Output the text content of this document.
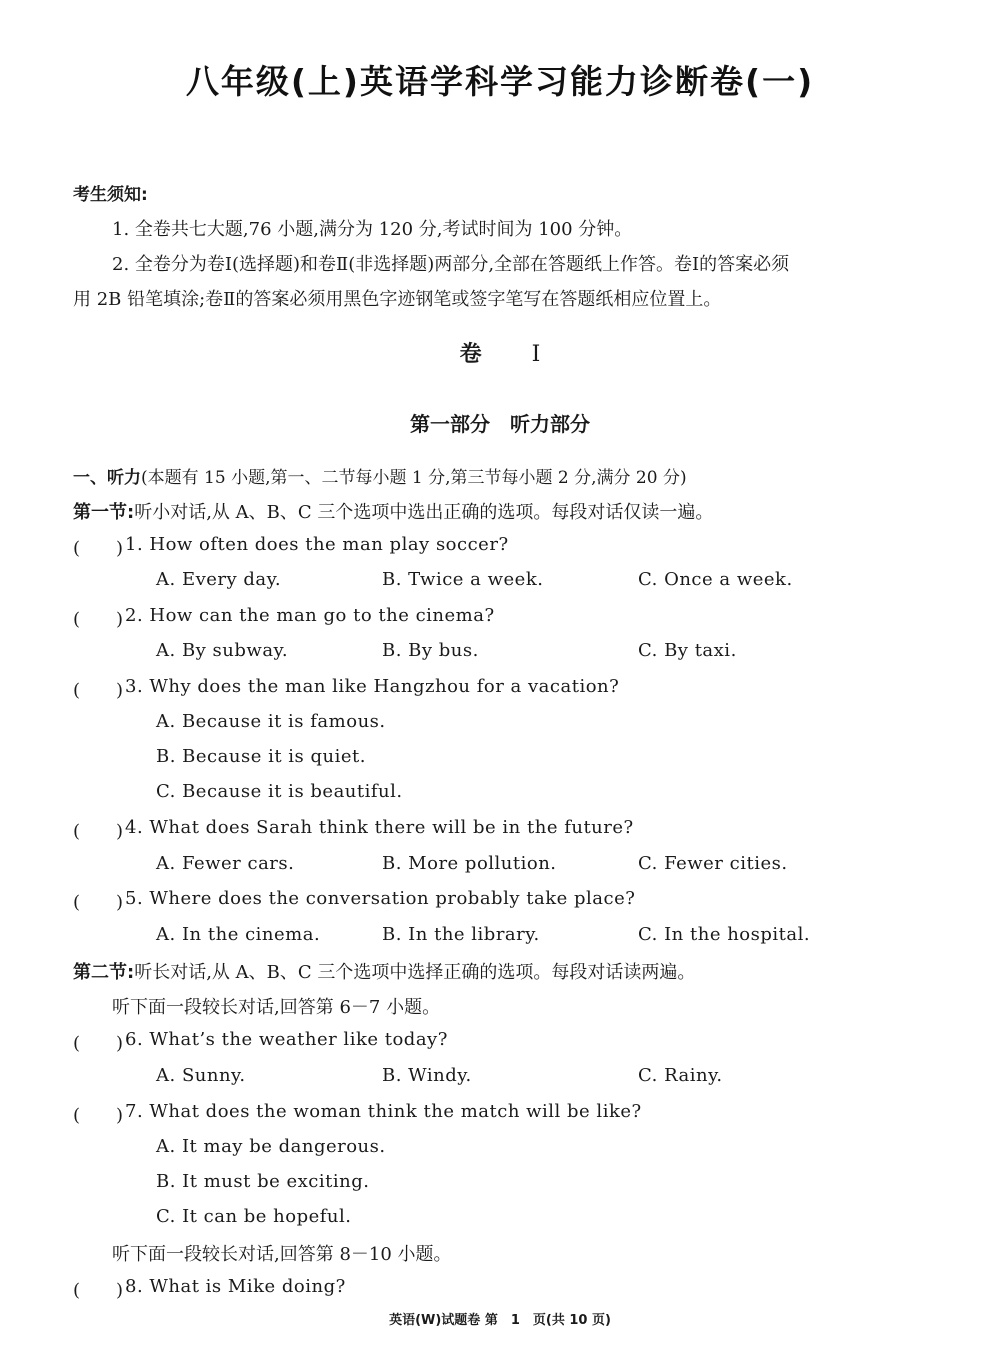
八年级(上)英语学科学习能力诊断卷(一)
考生须知:
1. 全卷共七大题,76 小题,满分为 120 分,考试时间为 100 分钟。
2. 全卷分为卷Ⅰ(选择题)和卷Ⅱ(非选择题)两部分,全部在答题纸上作答。卷Ⅰ的答案必须
用 2B 铅笔填涂;卷Ⅱ的答案必须用黑色字迹钢笔或签字笔写在答题纸相应位置上。
卷 Ⅰ
第一部分　听力部分
一、听力(本题有 15 小题,第一、二节每小题 1 分,第三节每小题 2 分,满分 20 分)
第一节:听小对话,从 A、B、C 三个选项中选出正确的选项。每段对话仅读一遍。
(　　) 1. How often does the man play soccer?
A. Every day.	B. Twice a week.	C. Once a week.
(　　) 2. How can the man go to the cinema?
A. By subway.	B. By bus.	C. By taxi.
(　　) 3. Why does the man like Hangzhou for a vacation?
A. Because it is famous.
B. Because it is quiet.
C. Because it is beautiful.
(　　) 4. What does Sarah think there will be in the future?
A. Fewer cars.	B. More pollution.	C. Fewer cities.
(　　) 5. Where does the conversation probably take place?
A. In the cinema.	B. In the library.	C. In the hospital.
第二节:听长对话,从 A、B、C 三个选项中选择正确的选项。每段对话读两遍。
听下面一段较长对话,回答第 6－7 小题。
(　　) 6. What’s the weather like today?
A. Sunny.	B. Windy.	C. Rainy.
(　　) 7. What does the woman think the match will be like?
A. It may be dangerous.
B. It must be exciting.
C. It can be hopeful.
听下面一段较长对话,回答第 8－10 小题。
(　　) 8. What is Mike doing?
英语(W)试题卷 第　1　页(共 10 页)
